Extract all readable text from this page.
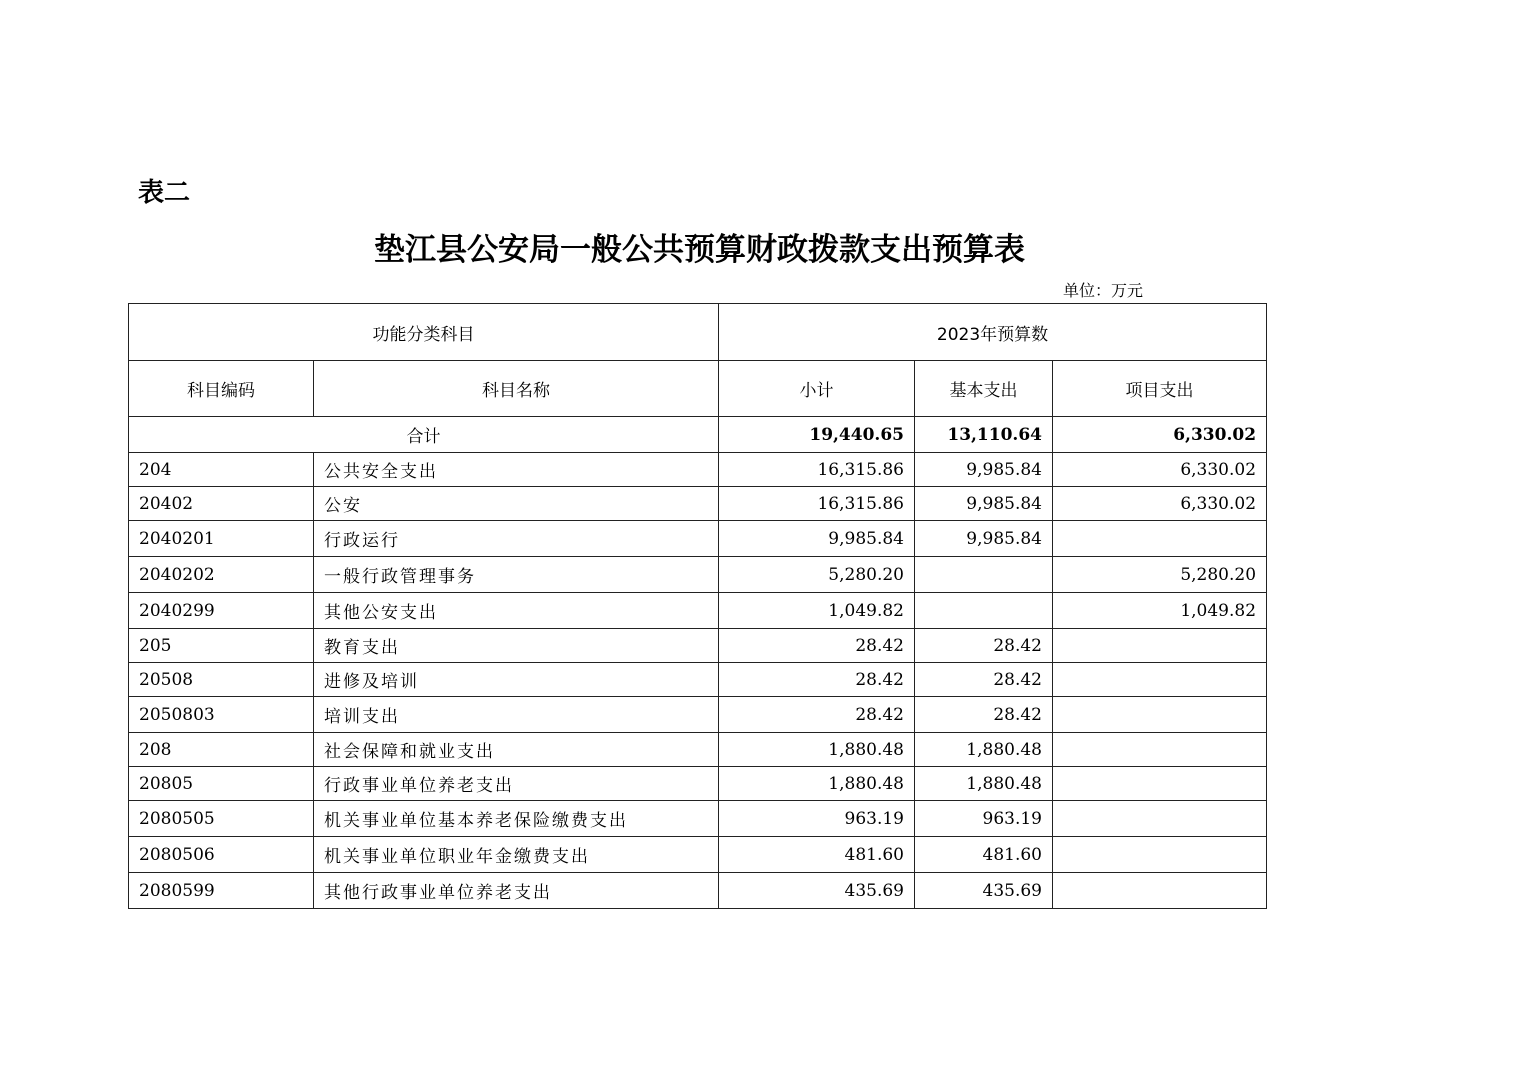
表二
垫江县公安局一般公共预算财政拨款支出预算表
单位：万元
功能分类科目		2023年预算数		
科目编码	科目名称	小计	基本支出	项目支出
合计		19,440.65	13,110.64	6,330.02
204	公共安全支出	16,315.86	9,985.84	6,330.02
20402	公安	16,315.86	9,985.84	6,330.02
2040201	行政运行	9,985.84	9,985.84	
2040202	一般行政管理事务	5,280.20		5,280.20
2040299	其他公安支出	1,049.82		1,049.82
205	教育支出	28.42	28.42	
20508	进修及培训	28.42	28.42	
2050803	培训支出	28.42	28.42	
208	社会保障和就业支出	1,880.48	1,880.48	
20805	行政事业单位养老支出	1,880.48	1,880.48	
2080505	机关事业单位基本养老保险缴费支出	963.19	963.19	
2080506	机关事业单位职业年金缴费支出	481.60	481.60	
2080599	其他行政事业单位养老支出	435.69	435.69	
